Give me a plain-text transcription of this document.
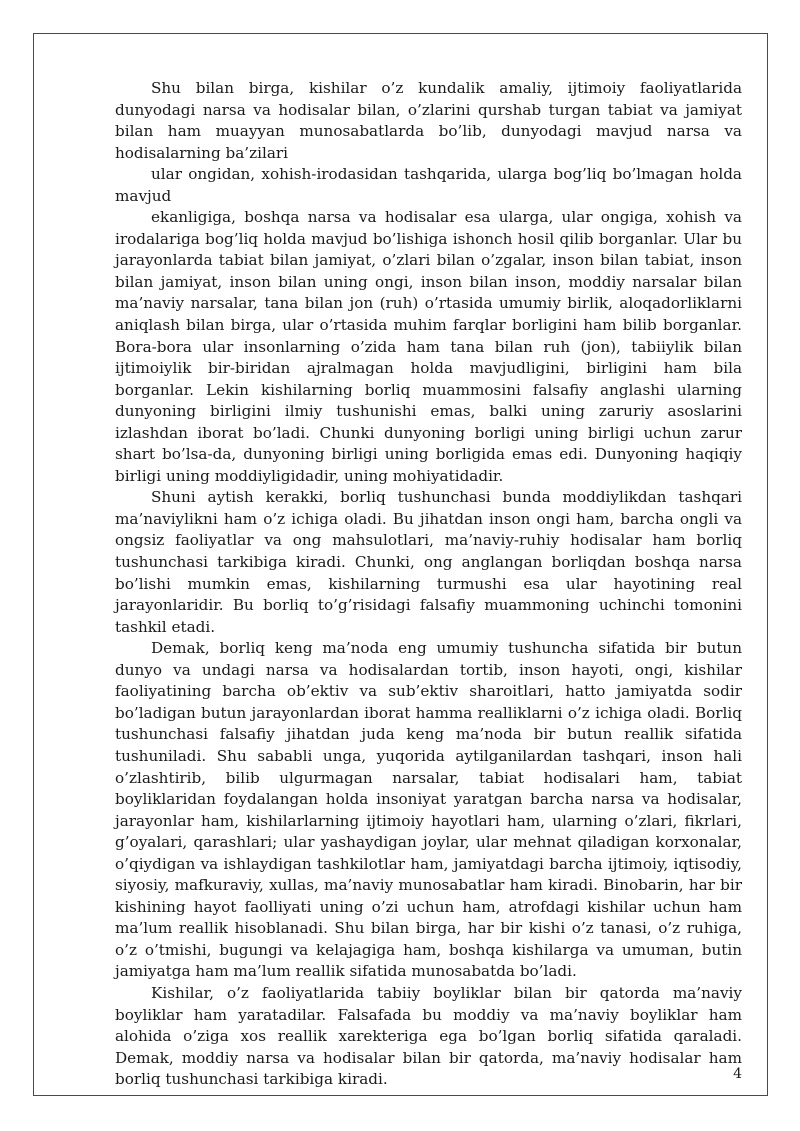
Shu bilan birga, kishilar o’z kundalik amaliy, ijtimoiy faoliyatlarida dunyodagi narsa va hodisalar bilan, o’zlarini qurshab turgan tabiat va jamiyat bilan ham muayyan munosabatlarda bo’lib, dunyodagi mavjud narsa va hodisalarning ba’zilari

ular ongidan, xohish-irodasidan tashqarida, ularga bog’liq bo’lmagan holda mavjud

ekanligiga, boshqa narsa va hodisalar esa ularga, ular ongiga, xohish va irodalariga bog’liq holda mavjud bo’lishiga ishonch hosil qilib borganlar. Ular bu jarayonlarda tabiat bilan jamiyat, o’zlari bilan o’zgalar, inson bilan tabiat, inson bilan jamiyat, inson bilan uning ongi, inson bilan inson, moddiy narsalar bilan ma’naviy narsalar, tana bilan jon (ruh) o’rtasida umumiy birlik, aloqadorliklarni aniqlash bilan birga, ular o’rtasida muhim farqlar borligini ham bilib borganlar. Bora-bora ular insonlarning o’zida ham tana bilan ruh (jon), tabiiylik bilan ijtimoiylik bir-biridan ajralmagan holda mavjudligini, birligini ham bila borganlar. Lekin kishilarning borliq muammosini falsafiy anglashi ularning dunyoning birligini ilmiy tushunishi emas, balki uning zaruriy asoslarini izlashdan iborat bo’ladi. Chunki dunyoning borligi uning birligi uchun zarur shart bo’lsa-da, dunyoning birligi uning borligida emas edi. Dunyoning haqiqiy birligi uning moddiyligidadir, uning mohiyatidadir.

Shuni aytish kerakki, borliq tushunchasi bunda moddiylikdan tashqari ma’naviylikni ham o’z ichiga oladi. Bu jihatdan inson ongi ham, barcha ongli va ongsiz faoliyatlar va ong mahsulotlari, ma’naviy-ruhiy hodisalar ham borliq tushunchasi tarkibiga kiradi. Chunki, ong anglangan borliqdan boshqa narsa bo’lishi mumkin emas, kishilarning turmushi esa ular hayotining real jarayonlaridir. Bu borliq to’g’risidagi falsafiy muammoning uchinchi tomonini tashkil etadi.

Demak, borliq keng ma’noda eng umumiy tushuncha sifatida bir butun dunyo va undagi narsa va hodisalardan tortib, inson hayoti, ongi, kishilar faoliyatining barcha ob’ektiv va sub’ektiv sharoitlari, hatto jamiyatda sodir bo’ladigan butun jarayonlardan iborat hamma realliklarni o’z ichiga oladi. Borliq tushunchasi falsafiy jihatdan juda keng ma’noda bir butun reallik sifatida tushuniladi. Shu sababli unga, yuqorida aytilganilardan tashqari, inson hali o’zlashtirib, bilib ulgurmagan narsalar, tabiat hodisalari ham, tabiat boyliklaridan foydalangan holda insoniyat yaratgan barcha narsa va hodisalar, jarayonlar ham, kishilarlarning ijtimoiy hayotlari ham, ularning o’zlari, fikrlari, g’oyalari, qarashlari; ular yashaydigan joylar, ular mehnat qiladigan korxonalar, o’qiydigan va ishlaydigan tashkilotlar ham, jamiyatdagi barcha ijtimoiy, iqtisodiy, siyosiy, mafkuraviy, xullas, ma’naviy munosabatlar ham kiradi. Binobarin, har bir kishining hayot faolliyati uning o’zi uchun ham, atrofdagi kishilar uchun ham ma’lum reallik hisoblanadi. Shu bilan birga, har bir kishi o’z tanasi, o’z ruhiga, o’z o’tmishi, bugungi va kelajagiga ham, boshqa kishilarga va umuman, butin jamiyatga ham ma’lum reallik sifatida munosabatda bo’ladi.

Kishilar, o’z faoliyatlarida tabiiy boyliklar bilan bir qatorda ma’naviy boyliklar ham yaratadilar. Falsafada bu moddiy va ma’naviy boyliklar ham alohida o’ziga xos reallik xarekteriga ega bo’lgan borliq sifatida qaraladi. Demak, moddiy narsa va hodisalar bilan bir qatorda, ma’naviy hodisalar ham borliq tushunchasi tarkibiga kiradi.	4
